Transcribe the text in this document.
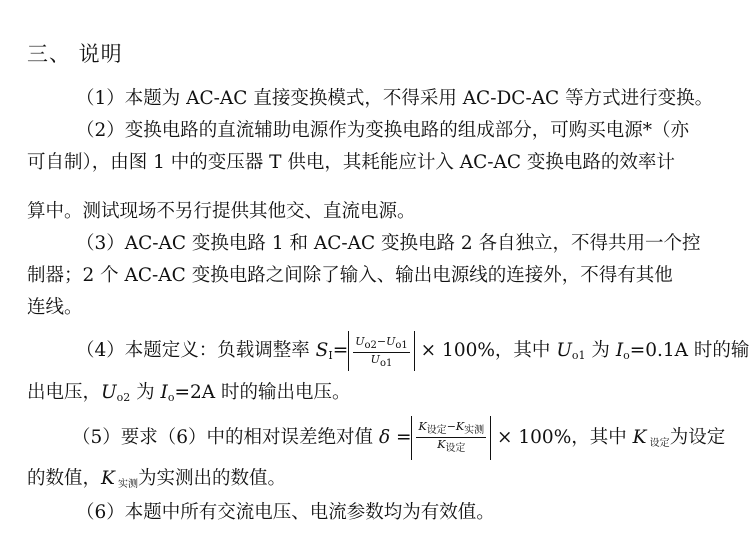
三、 说明
（1）本题为 AC-AC 直接变换模式，不得采用 AC-DC-AC 等方式进行变换。
（2）变换电路的直流辅助电源作为变换电路的组成部分，可购买电源*（亦
可自制），由图 1 中的变压器 T 供电，其耗能应计入 AC-AC 变换电路的效率计
算中。测试现场不另行提供其他交、直流电源。
（3）AC-AC 变换电路 1 和 AC-AC 变换电路 2 各自独立，不得共用一个控
制器；2 个 AC-AC 变换电路之间除了输入、输出电源线的连接外，不得有其他
连线。
（4）本题定义：负载调整率 $S_I= \frac{U_{o2}-U_{o1}}{U_{o1}} \times 100\%$，其中 $U_{o1}$ 为 $I_o=0.1A$ 时的输
出电压，$U_{o2}$ 为 $I_o=2A$ 时的输出电压。
（5）要求（6）中的相对误差绝对值 $\delta = \frac{K_{设定}-K_{实测}}{K_{设定}} \times 100\%$，其中 K $_{设定}$为设定
的数值，K $_{实测}$为实测出的数值。
（6）本题中所有交流电压、电流参数均为有效值。
